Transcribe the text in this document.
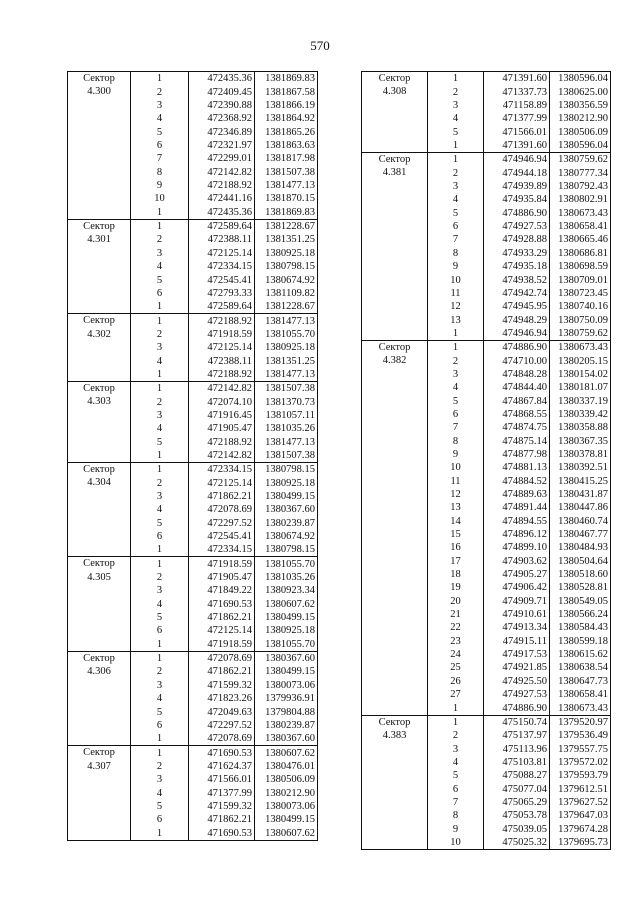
570
Сектор	1	472435.36	1381869.83
4.300	2	472409.45	1381867.58
	3	472390.88	1381866.19
	4	472368.92	1381864.92
	5	472346.89	1381865.26
	6	472321.97	1381863.63
	7	472299.01	1381817.98
	8	472142.82	1381507.38
	9	472188.92	1381477.13
	10	472441.16	1381870.15
	1	472435.36	1381869.83
Сектор	1	472589.64	1381228.67
4.301	2	472388.11	1381351.25
	3	472125.14	1380925.18
	4	472334.15	1380798.15
	5	472545.41	1380674.92
	6	472793.33	1381109.82
	1	472589.64	1381228.67
Сектор	1	472188.92	1381477.13
4.302	2	471918.59	1381055.70
	3	472125.14	1380925.18
	4	472388.11	1381351.25
	1	472188.92	1381477.13
Сектор	1	472142.82	1381507.38
4.303	2	472074.10	1381370.73
	3	471916.45	1381057.11
	4	471905.47	1381035.26
	5	472188.92	1381477.13
	1	472142.82	1381507.38
Сектор	1	472334.15	1380798.15
4.304	2	472125.14	1380925.18
	3	471862.21	1380499.15
	4	472078.69	1380367.60
	5	472297.52	1380239.87
	6	472545.41	1380674.92
	1	472334.15	1380798.15
Сектор	1	471918.59	1381055.70
4.305	2	471905.47	1381035.26
	3	471849.22	1380923.34
	4	471690.53	1380607.62
	5	471862.21	1380499.15
	6	472125.14	1380925.18
	1	471918.59	1381055.70
Сектор	1	472078.69	1380367.60
4.306	2	471862.21	1380499.15
	3	471599.32	1380073.06
	4	471823.26	1379936.91
	5	472049.63	1379804.88
	6	472297.52	1380239.87
	1	472078.69	1380367.60
Сектор	1	471690.53	1380607.62
4.307	2	471624.37	1380476.01
	3	471566.01	1380506.09
	4	471377.99	1380212.90
	5	471599.32	1380073.06
	6	471862.21	1380499.15
	1	471690.53	1380607.62
Сектор	1	471391.60	1380596.04
4.308	2	471337.73	1380625.00
	3	471158.89	1380356.59
	4	471377.99	1380212.90
	5	471566.01	1380506.09
	1	471391.60	1380596.04
Сектор	1	474946.94	1380759.62
4.381	2	474944.18	1380777.34
	3	474939.89	1380792.43
	4	474935.84	1380802.91
	5	474886.90	1380673.43
	6	474927.53	1380658.41
	7	474928.88	1380665.46
	8	474933.29	1380686.81
	9	474935.18	1380698.59
	10	474938.52	1380709.01
	11	474942.74	1380723.45
	12	474945.95	1380740.16
	13	474948.29	1380750.09
	1	474946.94	1380759.62
Сектор	1	474886.90	1380673.43
4.382	2	474710.00	1380205.15
	3	474848.28	1380154.02
	4	474844.40	1380181.07
	5	474867.84	1380337.19
	6	474868.55	1380339.42
	7	474874.75	1380358.88
	8	474875.14	1380367.35
	9	474877.98	1380378.81
	10	474881.13	1380392.51
	11	474884.52	1380415.25
	12	474889.63	1380431.87
	13	474891.44	1380447.86
	14	474894.55	1380460.74
	15	474896.12	1380467.77
	16	474899.10	1380484.93
	17	474903.62	1380504.64
	18	474905.27	1380518.60
	19	474906.42	1380528.81
	20	474909.71	1380549.05
	21	474910.61	1380566.24
	22	474913.34	1380584.43
	23	474915.11	1380599.18
	24	474917.53	1380615.62
	25	474921.85	1380638.54
	26	474925.50	1380647.73
	27	474927.53	1380658.41
	1	474886.90	1380673.43
Сектор	1	475150.74	1379520.97
4.383	2	475137.97	1379536.49
	3	475113.96	1379557.75
	4	475103.81	1379572.02
	5	475088.27	1379593.79
	6	475077.04	1379612.51
	7	475065.29	1379627.52
	8	475053.78	1379647.03
	9	475039.05	1379674.28
	10	475025.32	1379695.73
